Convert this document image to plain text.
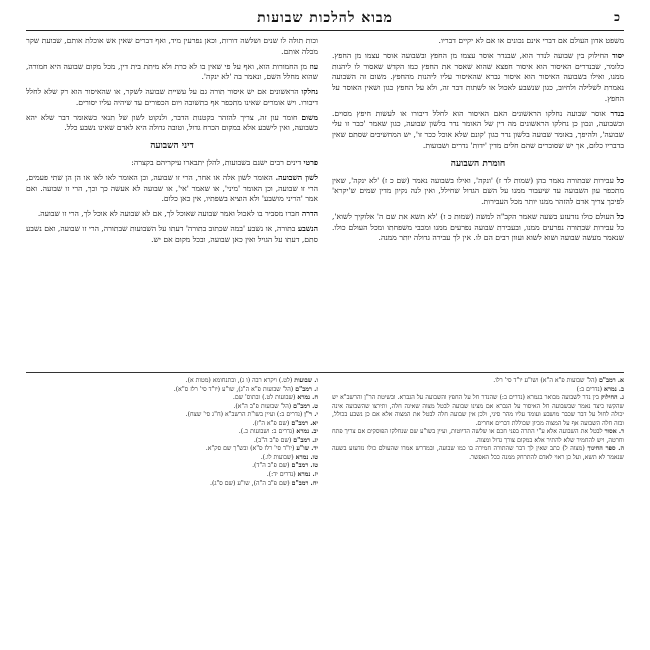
מבוא להלכות שבועות	כ

משפט אדון העולם אם דברי אינם נכונים או אם לא יקיים דבריו.

יסוד החילוק בין שבועה לנדר הוא, שבנדר אוסר עצמו מן החפץ ובשבועה אוסר עצמו מן החפץ. כלומר, שבנדרים האיסור הוא איסור חפצא שהוא שאסר את החפץ כמו הקדש שאסור לו ליהנות ממנו, ואילו בשבועה האיסור הוא איסור גברא שהאיסור עליו ליהנות מהחפץ. משום זה השבועה נאמרת לשלילה ולחיוב, כגון שנשבע לאכול או לשתות דבר זה, ולא על החפץ כגון ושאין האוסר על החפץ.

בנדר אוסר שבועה נחלקו הראשונים האם האיסור הוא לחלל דיבורו או לעשות חיפץ מסוים. ובשבועה, ונכון כן נחלקו הראשונים מה דין של האומר נדר בלשון שבועה, כגון שאמר 'כבר זו עלי שבועה', ולהיפך, באומר שבועה בלשון נדר כגון 'קונם שלא אוכל ככר זו', יש המחשיבים שסתם שאין בדבריו כלום, אך יש שסוברים שהם חלים מדין 'ידות' נדרים ושבועות.

חומרת השבועה

כל עבירות שבתורה נאמר בהן (שמות לד ז) 'ונקה', ואילו בשבועה נאמר (שם כ ז) 'לא ינקה', שאין מתכפר עון השבועה עד שיעבור ממנו על השם הגדול שחילל, ואין לנה נקיון מדין שמים ש'יקרא' לפיכך צריך אדם להזהר ממנו יותר מכל העבירות.

כל העולם כולו נזדעזע בשעה שאמר הקב"ה למשה (שמות כ ז) 'לא תשא את שם ה' אלוקיך לשוא', כל עבירות שבתורה נפרעים ממנו, ובעבירת שבועה נפרעים ממנו ומכבי משפחתו ומכל העולם כולו. שנאמר מעשה שבועה ושוא לשוא ועוון רבים הם לו. אין לך עבירה גדולה יותר ממנה.

וכות תולה לו שנים ושלשה דורות, וכאן נפרעין מיד, ואף דברים שאין אש אוכלת אותם, שבועת שקר מכלה אותם.

עוז מן החמורות הוא, ואף על פי שאין בו לא כרת ולא מיתת בית דין, מכל מקום שבועה היא חמורה, שהוא מחלל השם, ונאמר בה 'לא ינקה'.

נחלקו הראשונים אם יש איסור תורה גם על עשיית שבועה לשקר, או שהאיסור הוא רק שלא לחלל דיבורו. ויש אומרים שאינו מתכפר אף בתשובה ויום הכפורים עד שיהיה עליו יסורים.

משום חומר עון זה, צריך להזהר בקטנות הדבר, ולנקוט לשון של תנאי כשאומר דבר שלא יהא כשבועה, ואין לישבע אלא במקום הכרח גדול, וטובה גדולה היא לאדם שאינו נשבע כלל.

דיני השבועה

פרטי דינים רבים ישנם בשבועות, להלן יתבארו עיקריהם בקצרה:

לשון השבועה. האומר לשון אלה או אחר, הרי זו שבועה, וכן האומר לאו לאו או הן הן שתי פעמים, הרי זו שבועה, וכן האומר 'מיני', או שאמר 'אי', או שבועה לא אעשה כך וכך, הרי זו שבועה. ואם אמר 'הריני מושבע' ולא הוציא בשפתיו, אין כאן כלום.

הדרה חברו מסביר בו לאכול ואמר שבועה שאוכל לך, אם לא שבועה לא אוכל לך, הרי זו שבועה.

הנשבע בתורה, או נשבע 'במה שכתוב בתורה' דעתו על השבועות שבתורה, הרי זו שבועה, ואם נשבע סתם, דעתו על הגויל ואין כאן שבועה, ובכל מקום אם יש.

א. רמב"ם (הל' שבועות פ"א ה"א) ושו"ע יו"ד סי' רלו.
ב. נמרא (נדרים ב:)
ג. החילוק בין נדר לשבועה מבואר בגמרא (נדרים ב:) שהנדר חל על החפץ והשבועה על הגברא. ובשיטת הר"ן והרשב"א יש שהקשו כיצד נאמר שבשבועה חל האיסור על הגברא אם מצינו שבועה לבטל מצוה שאינה חלה, ותירצו שהשבועה אינה יכולה לחול על דבר שכבר מושבע ועומד עליו מהר סיני, ולכן אין שבועה חלה לבטל את המצוה אלא אם כן נשבע בכולל, ובזה חלה השבועה אף על המצוה מכיון שכוללת דברים אחרים.
ד. אסור לבטל את השבועה אלא ע"י התרה בפני חכם או שלשה הדיוטות, ועיין בשו"ע שם שנחלקו הפוסקים אם צריך פתח וחרטה, ויש להחמיר שלא להתיר אלא במקום צורך גדול ומצוה.
ה. ספר החינוך (מצוה ל) כתב שאין לך דבר שהתורה חמירה בו כמו שבועה, ובמדרש אמרו שהעולם כולו נזדעזע בשעה שנאמר לא תשא, ועל כן ראוי לאדם להתרחק ממנה ככל האפשר.
ו. שבועות (לט.) ויקרא רבה (ו ג), ובתנחומא (מטות א).
ז. רמב"ם (הל' שבועות פ"א ה"ג), שו"ע (יו"ד סי' רלז ס"א).
ח. נמרא (שבועות לט.) ובתוס' שם.
ט. רמב"ם (הל' שבועות פ"ב ה"א).
י. ר"ן (נדרים ב:) ועיין בשו"ת הרשב"א (ח"ג סי' שצח).
יא. רמב"ם (שם פ"א ה"ז).
יב. נמרא (נדרים ב: ושבועות כ.).
יג. רמב"ם (שם פ"ב ה"ב).
יד. שו"ע (יו"ד סי' רלז ס"א) ובש"ך שם סק"א.
טו. נמרא (שבועות לו.).
טז. רמב"ם (שם פ"ב ה"ד).
יז. נמרא (נדרים יד:).
יח. רמב"ם (שם פ"ב ה"ה), שו"ע (שם ס"ג).
